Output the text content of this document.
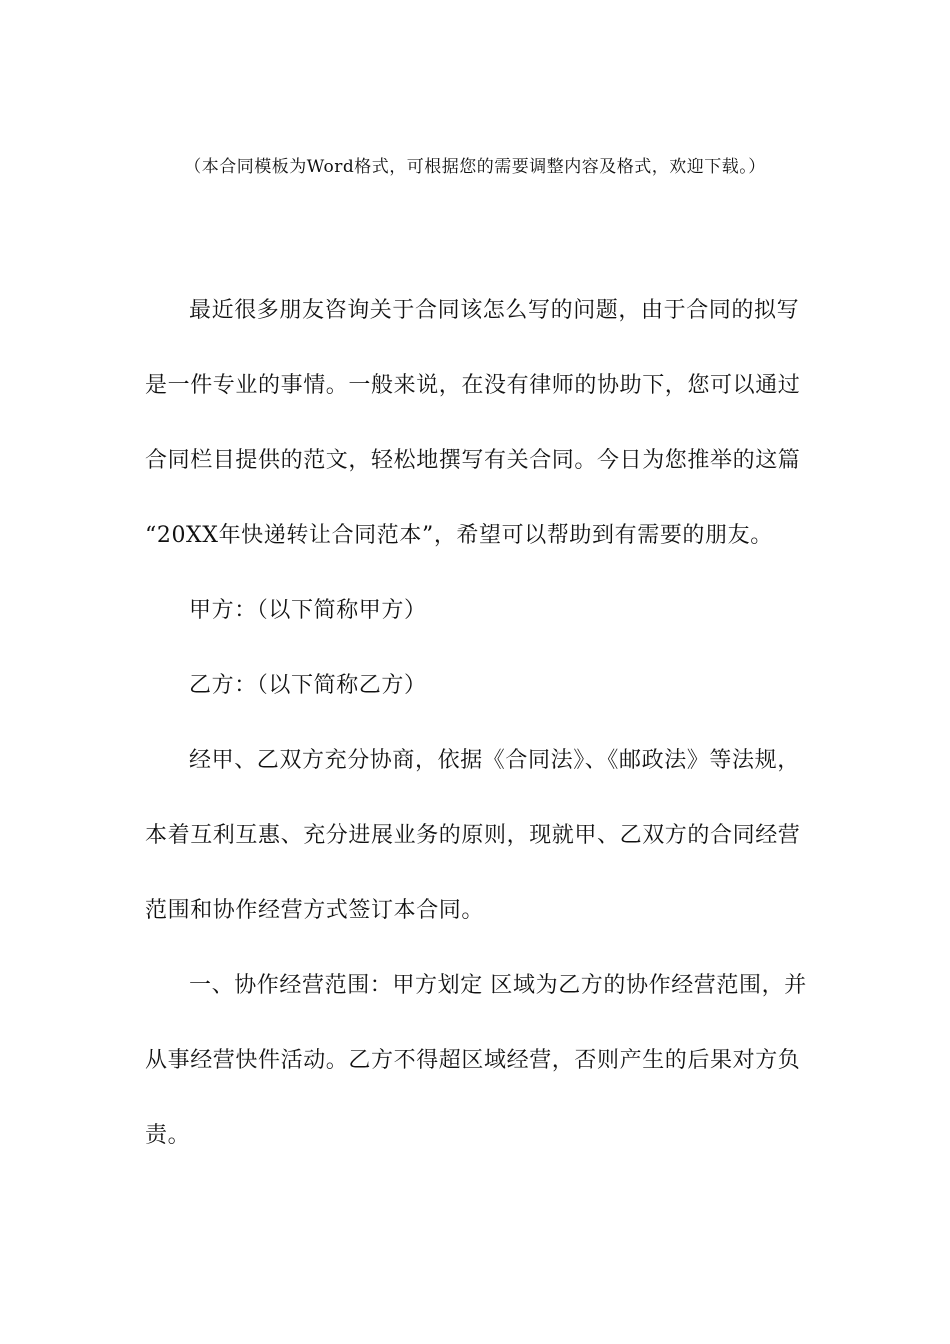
（本合同模板为Word格式，可根据您的需要调整内容及格式，欢迎下载。）
最近很多朋友咨询关于合同该怎么写的问题，由于合同的拟写
是一件专业的事情。一般来说，在没有律师的协助下，您可以通过
合同栏目提供的范文，轻松地撰写有关合同。今日为您推举的这篇
“20XX年快递转让合同范本”，希望可以帮助到有需要的朋友。
甲方：（以下简称甲方）
乙方：（以下简称乙方）
经甲、乙双方充分协商，依据《合同法》、《邮政法》等法规，
本着互利互惠、充分进展业务的原则，现就甲、乙双方的合同经营
范围和协作经营方式签订本合同。
一、协作经营范围：甲方划定 区域为乙方的协作经营范围，并
从事经营快件活动。乙方不得超区域经营，否则产生的后果对方负
责。
